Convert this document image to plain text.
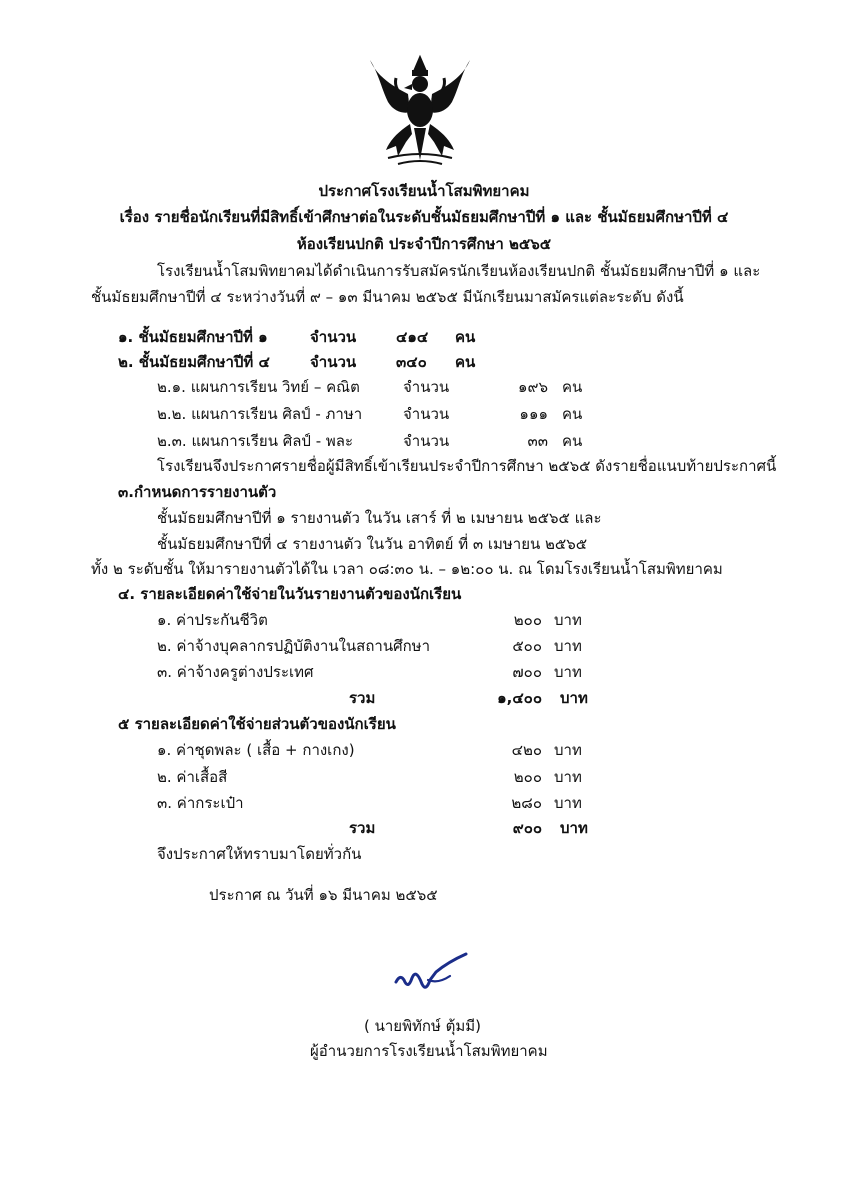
ประกาศโรงเรียนน้ำโสมพิทยาคม
เรื่อง รายชื่อนักเรียนที่มีสิทธิ์เข้าศึกษาต่อในระดับชั้นมัธยมศึกษาปีที่ ๑ และ ชั้นมัธยมศึกษาปีที่ ๔
ห้องเรียนปกติ ประจำปีการศึกษา ๒๕๖๕
โรงเรียนน้ำโสมพิทยาคมได้ดำเนินการรับสมัครนักเรียนห้องเรียนปกติ ชั้นมัธยมศึกษาปีที่ ๑ และ
ชั้นมัธยมศึกษาปีที่ ๔ ระหว่างวันที่ ๙ – ๑๓ มีนาคม ๒๕๖๕ มีนักเรียนมาสมัครแต่ละระดับ ดังนี้
๑. ชั้นมัธยมศึกษาปีที่ ๑	จำนวน	๔๑๔ คน
๒. ชั้นมัธยมศึกษาปีที่ ๔	จำนวน	๓๔๐ คน
๒.๑. แผนการเรียน วิทย์ – คณิต	จำนวน	๑๙๖ คน
๒.๒. แผนการเรียน ศิลป์ - ภาษา	จำนวน	๑๑๑ คน
๒.๓. แผนการเรียน ศิลป์ - พละ	จำนวน	๓๓ คน
โรงเรียนจึงประกาศรายชื่อผู้มีสิทธิ์เข้าเรียนประจำปีการศึกษา ๒๕๖๕ ดังรายชื่อแนบท้ายประกาศนี้
๓.กำหนดการรายงานตัว
ชั้นมัธยมศึกษาปีที่ ๑ รายงานตัว ในวัน เสาร์ ที่ ๒ เมษายน ๒๕๖๕ และ
ชั้นมัธยมศึกษาปีที่ ๔ รายงานตัว ในวัน อาทิตย์ ที่ ๓ เมษายน ๒๕๖๕
ทั้ง ๒ ระดับชั้น ให้มารายงานตัวได้ใน เวลา ๐๘:๓๐ น. – ๑๒:๐๐ น. ณ โดมโรงเรียนน้ำโสมพิทยาคม
๔. รายละเอียดค่าใช้จ่ายในวันรายงานตัวของนักเรียน
๑. ค่าประกันชีวิต	๒๐๐ บาท
๒. ค่าจ้างบุคลากรปฏิบัติงานในสถานศึกษา	๕๐๐ บาท
๓. ค่าจ้างครูต่างประเทศ	๗๐๐ บาท
รวม	๑,๔๐๐ บาท
๕ รายละเอียดค่าใช้จ่ายส่วนตัวของนักเรียน
๑. ค่าชุดพละ ( เสื้อ + กางเกง)	๔๒๐ บาท
๒. ค่าเสื้อสี	๒๐๐ บาท
๓. ค่ากระเป๋า	๒๘๐ บาท
รวม	๙๐๐ บาท
จึงประกาศให้ทราบมาโดยทั่วกัน
ประกาศ ณ วันที่ ๑๖ มีนาคม ๒๕๖๕
( นายพิทักษ์ ตุ้มมี)
ผู้อำนวยการโรงเรียนน้ำโสมพิทยาคม
